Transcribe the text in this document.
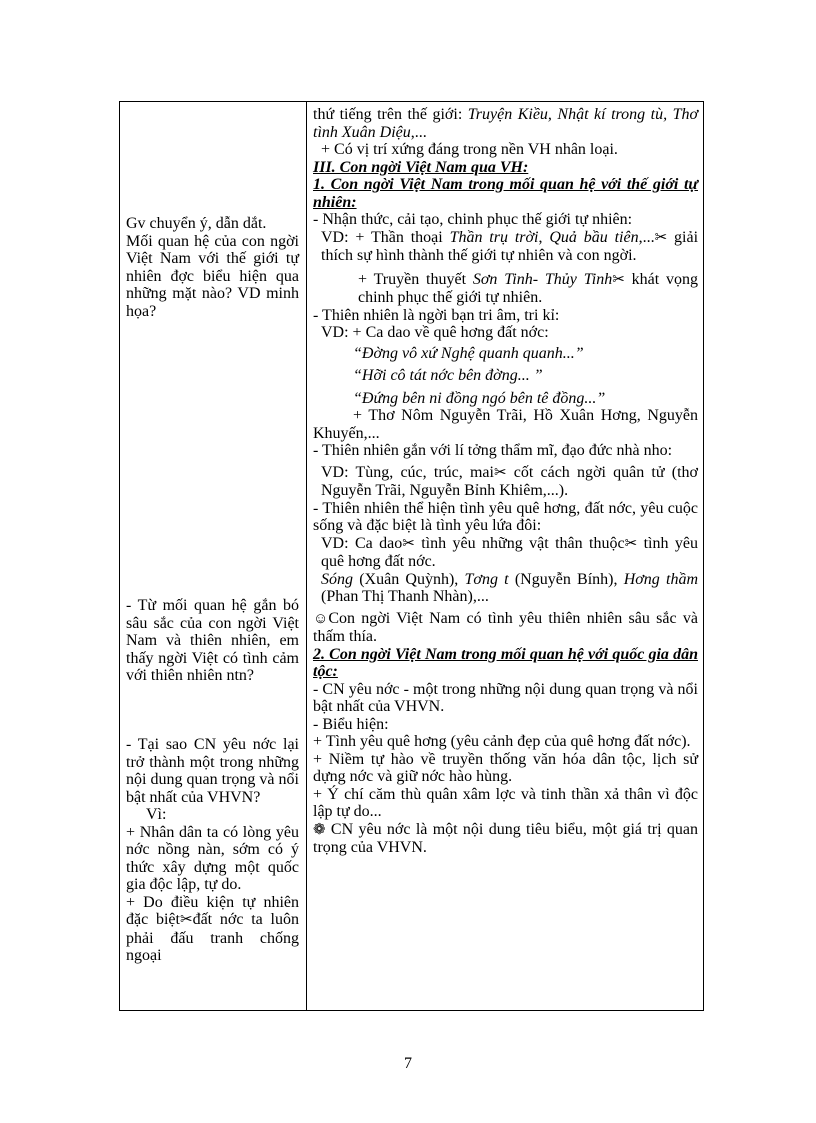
Gv chuyển ý, dẫn dắt.

Mối quan hệ của con ngời Việt Nam với thế giới tự nhiên đợc biểu hiện qua những mặt nào? VD minh họa?

- Từ mối quan hệ gắn bó sâu sắc của con ngời Việt Nam và thiên nhiên, em thấy ngời Việt có tình cảm với thiên nhiên ntn?

- Tại sao CN yêu nớc lại trở thành một trong những nội dung quan trọng và nổi bật nhất của VHVN?

Vì:

+ Nhân dân ta có lòng yêu nớc nồng nàn, sớm có ý thức xây dựng một quốc gia độc lập, tự do.

+ Do điều kiện tự nhiên đặc biệt✂đất nớc ta luôn phải đấu tranh chống ngoại

thứ tiếng trên thế giới: Truyện Kiều, Nhật kí trong tù, Thơ tình Xuân Diệu,...

+ Có vị trí xứng đáng trong nền VH nhân loại.

III. Con ngời Việt Nam qua VH:

1. Con ngời Việt Nam trong mối quan hệ với thế giới tự nhiên:

- Nhận thức, cải tạo, chinh phục thế giới tự nhiên:

VD: + Thần thoại Thần trụ trời, Quả bầu tiên,...✂ giải thích sự hình thành thế giới tự nhiên và con ngời.

+ Truyền thuyết Sơn Tinh- Thủy Tinh✂ khát vọng chinh phục thế giới tự nhiên.

- Thiên nhiên là ngời bạn tri âm, tri kỉ:

VD: + Ca dao về quê hơng đất nớc:

“Đờng vô xứ Nghệ quanh quanh...”

“Hỡi cô tát nớc bên đờng... ”

“Đứng bên ni đồng ngó bên tê đồng...”

+ Thơ Nôm Nguyễn Trãi, Hồ Xuân Hơng, Nguyễn Khuyến,...

- Thiên nhiên gắn với lí tởng thẩm mĩ, đạo đức nhà nho:

VD: Tùng, cúc, trúc, mai✂ cốt cách ngời quân tử (thơ Nguyễn Trãi, Nguyễn Bỉnh Khiêm,...).

- Thiên nhiên thể hiện tình yêu quê hơng, đất nớc, yêu cuộc sống và đặc biệt là tình yêu lứa đôi:

VD: Ca dao✂ tình yêu những vật thân thuộc✂ tình yêu quê hơng đất nớc.

Sóng (Xuân Quỳnh), Tơng t (Nguyễn Bính), Hơng thầm (Phan Thị Thanh Nhàn),...

☺Con ngời Việt Nam có tình yêu thiên nhiên sâu sắc và thấm thía.

2. Con ngời Việt Nam trong mối quan hệ với quốc gia dân tộc:

- CN yêu nớc - một trong những nội dung quan trọng và nổi bật nhất của VHVN.

- Biểu hiện:

+ Tình yêu quê hơng (yêu cảnh đẹp của quê hơng đất nớc).

+ Niềm tự hào về truyền thống văn hóa dân tộc, lịch sử dựng nớc và giữ nớc hào hùng.

+ Ý chí căm thù quân xâm lợc và tinh thần xả thân vì độc lập tự do...

❁ CN yêu nớc là một nội dung tiêu biểu, một giá trị quan trọng của VHVN.

7
